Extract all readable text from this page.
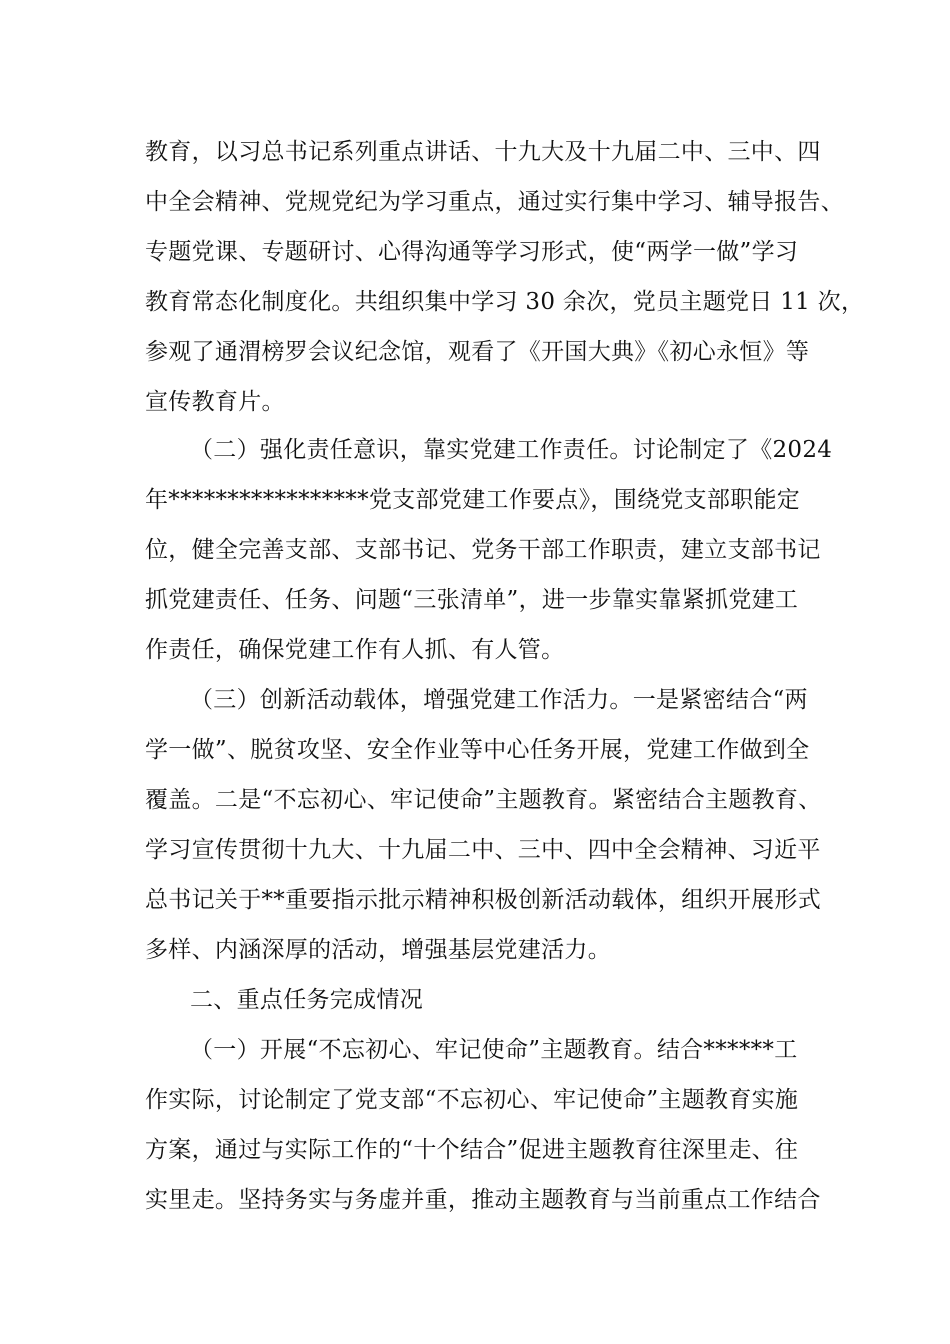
教育，以习总书记系列重点讲话、十九大及十九届二中、三中、四
中全会精神、党规党纪为学习重点，通过实行集中学习、辅导报告、
专题党课、专题研讨、心得沟通等学习形式，使“两学一做”学习
教育常态化制度化。共组织集中学习 30 余次，党员主题党日 11 次，
参观了通渭榜罗会议纪念馆，观看了《开国大典》《初心永恒》等
宣传教育片。
（二）强化责任意识，靠实党建工作责任。讨论制定了《2024
年*****************党支部党建工作要点》，围绕党支部职能定
位，健全完善支部、支部书记、党务干部工作职责，建立支部书记
抓党建责任、任务、问题“三张清单”，进一步靠实靠紧抓党建工
作责任，确保党建工作有人抓、有人管。
（三）创新活动载体，增强党建工作活力。一是紧密结合“两
学一做”、脱贫攻坚、安全作业等中心任务开展，党建工作做到全
覆盖。二是“不忘初心、牢记使命”主题教育。紧密结合主题教育、
学习宣传贯彻十九大、十九届二中、三中、四中全会精神、习近平
总书记关于**重要指示批示精神积极创新活动载体，组织开展形式
多样、内涵深厚的活动，增强基层党建活力。
二、重点任务完成情况
（一）开展“不忘初心、牢记使命”主题教育。结合******工
作实际，讨论制定了党支部“不忘初心、牢记使命”主题教育实施
方案，通过与实际工作的“十个结合”促进主题教育往深里走、往
实里走。坚持务实与务虚并重，推动主题教育与当前重点工作结合
